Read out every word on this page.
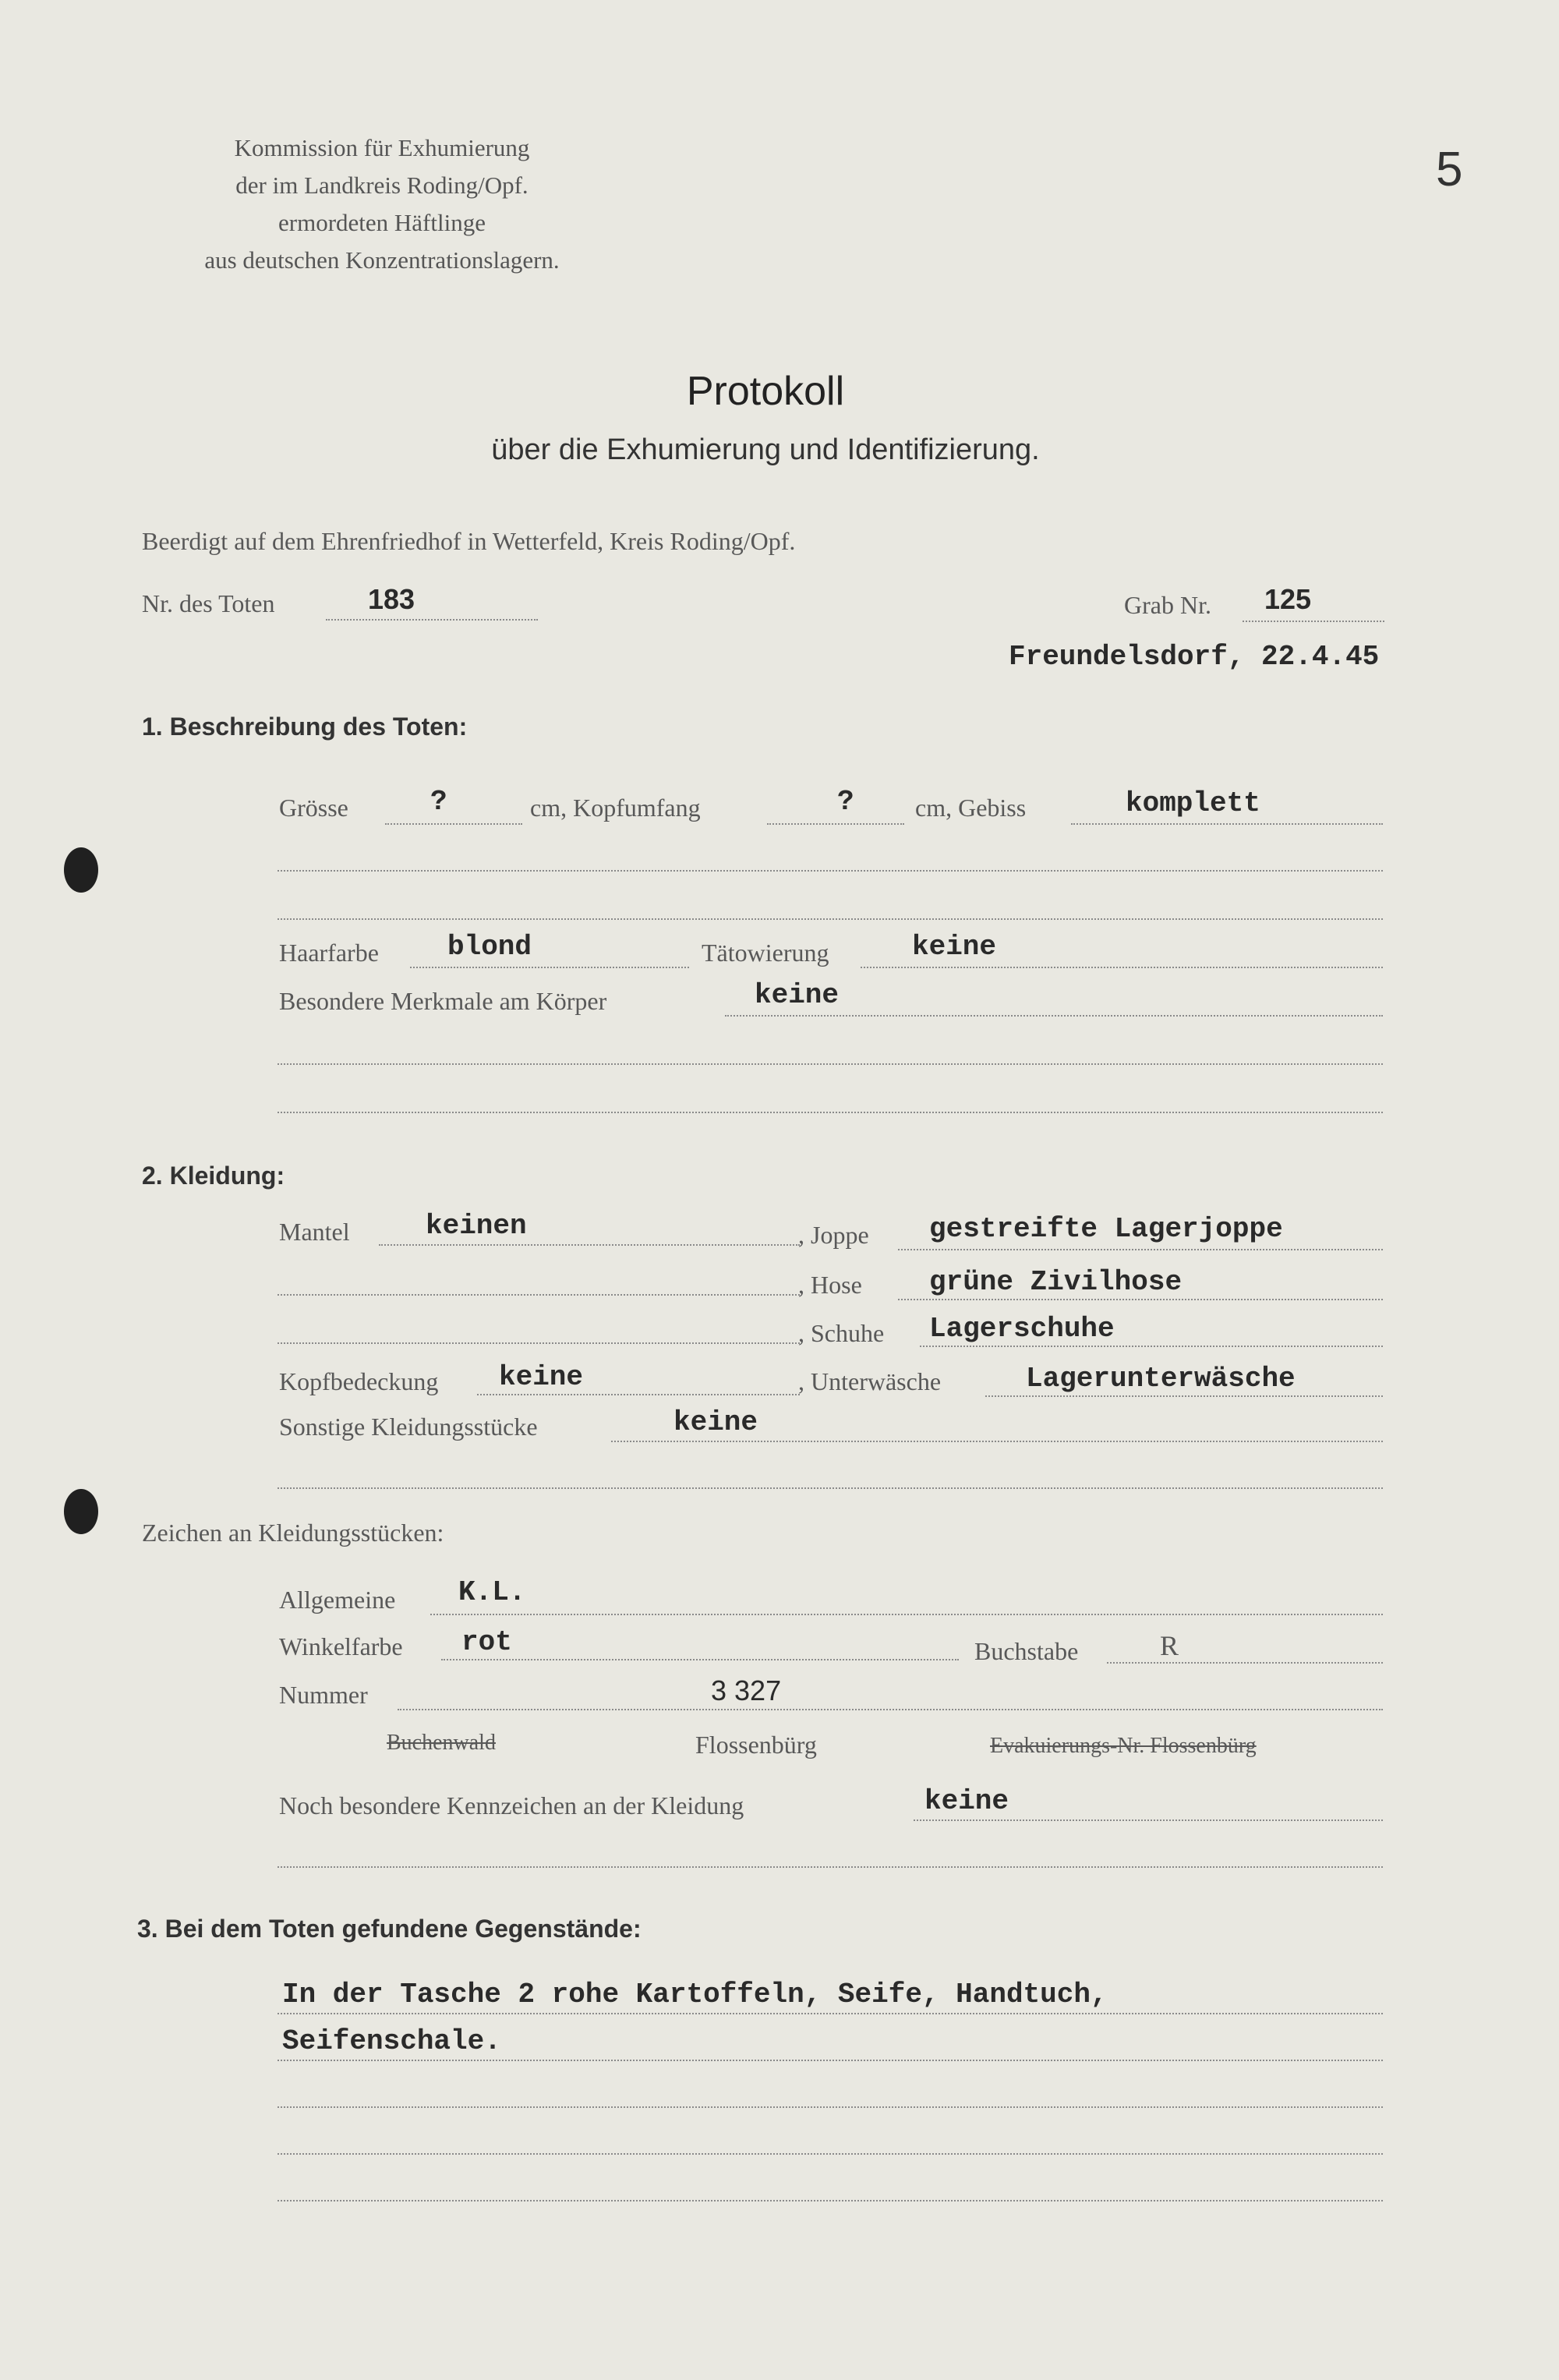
Kommission für Exhumierung
der im Landkreis Roding/Opf.
ermordeten Häftlinge
aus deutschen Konzentrationslagern.
5
Protokoll
über die Exhumierung und Identifizierung.
Beerdigt auf dem Ehrenfriedhof in Wetterfeld, Kreis Roding/Opf.
Nr. des Toten	183	Grab Nr. 125
Freundelsdorf, 22.4.45
1. Beschreibung des Toten:
Grösse	?	cm, Kopfumfang	? cm, Gebiss	komplett
Haarfarbe blond	Tätowierung	keine
Besondere Merkmale am Körper	keine
2. Kleidung:
Mantel	keinen	, Joppe gestreifte Lagerjoppe
, Hose grüne Zivilhose
, Schuhe Lagerschuhe
Kopfbedeckung keine	, Unterwäsche	Lagerunterwäsche
Sonstige Kleidungsstücke	keine
Zeichen an Kleidungsstücken:
Allgemeine K.L.
Winkelfarbe rot	Buchstabe	R
Nummer	3 327
Buchenwald	Flossenbürg	Evakuierungs-Nr. Flossenbürg
Noch besondere Kennzeichen an der Kleidung	keine
3. Bei dem Toten gefundene Gegenstände:
In der Tasche 2 rohe Kartoffeln, Seife, Handtuch,
Seifenschale.
